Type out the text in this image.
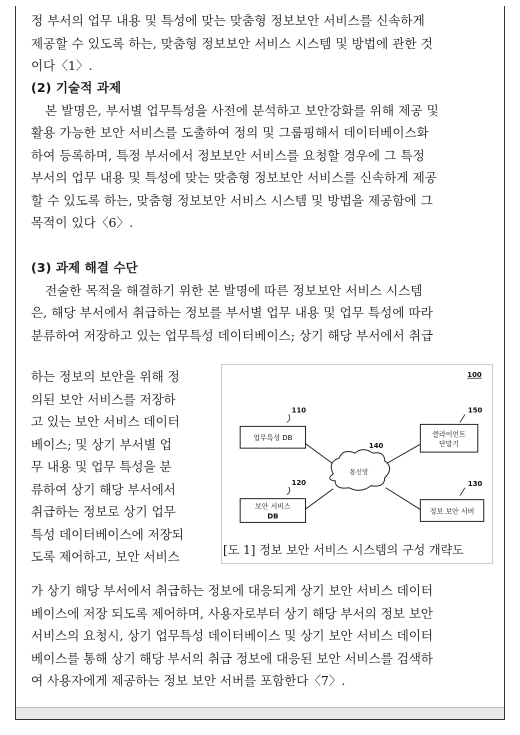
정 부서의 업무 내용 및 특성에 맞는 맞춤형 정보보안 서비스를 신속하게
제공할 수 있도록 하는, 맞춤형 정보보안 서비스 시스템 및 방법에 관한 것
이다〈1〉.
(2) 기술적 과제
본 발명은, 부서별 업무특성을 사전에 분석하고 보안강화를 위해 제공 및
활용 가능한 보안 서비스를 도출하여 정의 및 그룹핑해서 데이터베이스화
하여 등록하며, 특정 부서에서 정보보안 서비스를 요청할 경우에 그 특정
부서의 업무 내용 및 특성에 맞는 맞춤형 정보보안 서비스를 신속하게 제공
할 수 있도록 하는, 맞춤형 정보보안 서비스 시스템 및 방법을 제공함에 그
목적이 있다〈6〉.
(3) 과제 해결 수단
전술한 목적을 해결하기 위한 본 발명에 따른 정보보안 서비스 시스템
은, 해당 부서에서 취급하는 정보를 부서별 업무 내용 및 업무 특성에 따라
분류하여 저장하고 있는 업무특성 데이터베이스; 상기 해당 부서에서 취급
하는 정보의 보안을 위해 정
의된 보안 서비스를 저장하
고 있는 보안 서비스 데이터
베이스; 및 상기 부서별 업
무 내용 및 업무 특성을 분
류하여 상기 해당 부서에서
취급하는 정보로 상기 업무
특성 데이터베이스에 저장되
도록 제어하고, 보안 서비스
100
110
업무특성 DB
120
보안 서비스
DB
140
통신망
150
클라이언트
단말기
130
정보 보안 서버
[도 1] 정보 보안 서비스 시스템의 구성 개략도
가 상기 해당 부서에서 취급하는 정보에 대응되게 상기 보안 서비스 데이터
베이스에 저장 되도록 제어하며, 사용자로부터 상기 해당 부서의 정보 보안
서비스의 요청시, 상기 업무특성 데이터베이스 및 상기 보안 서비스 데이터
베이스를 통해 상기 해당 부서의 취급 정보에 대응된 보안 서비스를 검색하
여 사용자에게 제공하는 정보 보안 서버를 포함한다〈7〉.
